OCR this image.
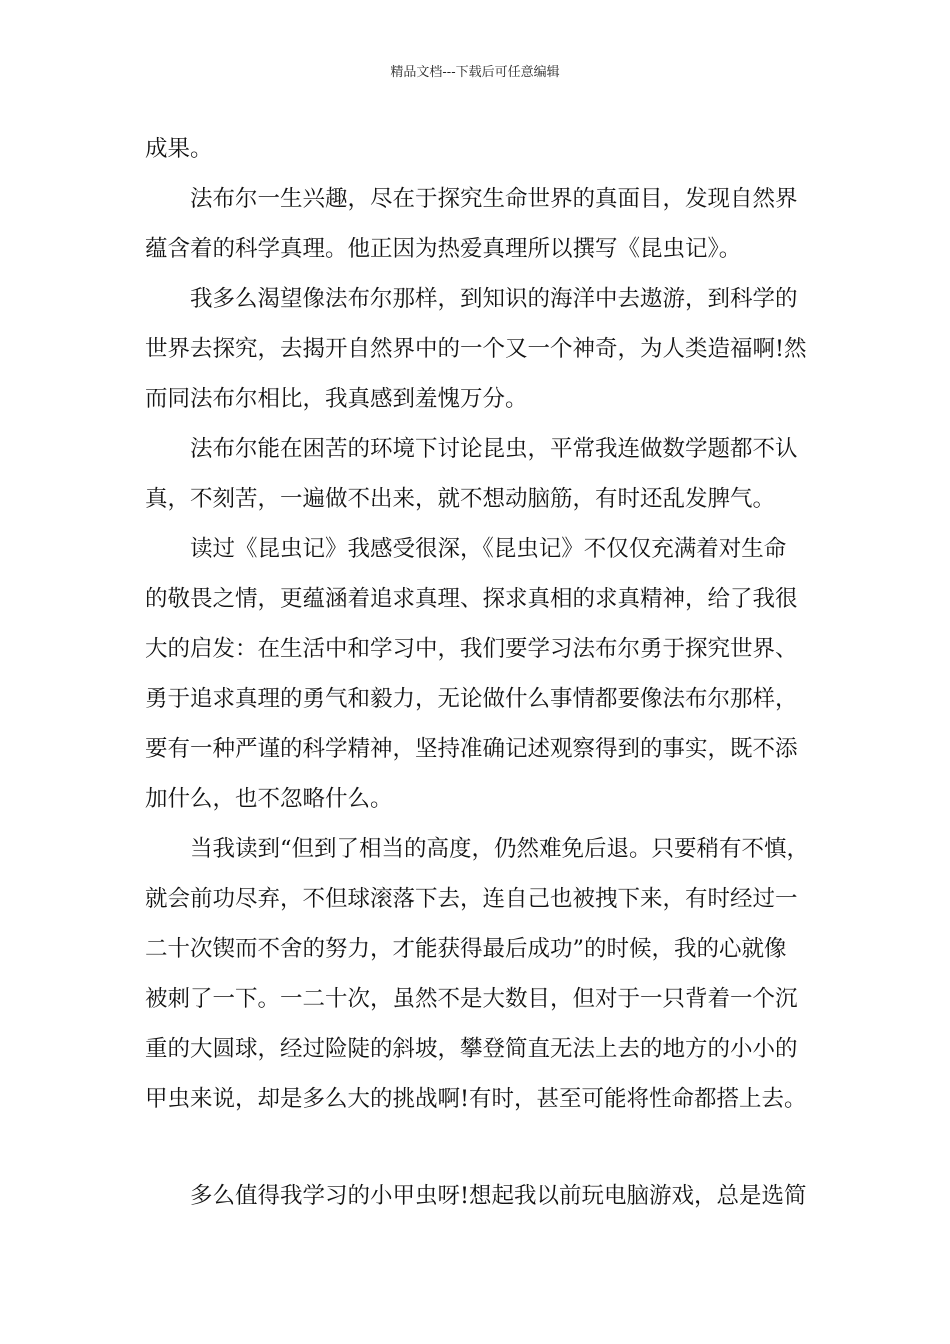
精品文档---下载后可任意编辑
成果。
法布尔一生兴趣，尽在于探究生命世界的真面目，发现自然界
蕴含着的科学真理。他正因为热爱真理所以撰写《昆虫记》。
我多么渴望像法布尔那样，到知识的海洋中去遨游，到科学的
世界去探究，去揭开自然界中的一个又一个神奇，为人类造福啊!然
而同法布尔相比，我真感到羞愧万分。
法布尔能在困苦的环境下讨论昆虫，平常我连做数学题都不认
真，不刻苦，一遍做不出来，就不想动脑筋，有时还乱发脾气。
读过《昆虫记》我感受很深，《昆虫记》不仅仅充满着对生命
的敬畏之情，更蕴涵着追求真理、探求真相的求真精神，给了我很
大的启发：在生活中和学习中，我们要学习法布尔勇于探究世界、
勇于追求真理的勇气和毅力，无论做什么事情都要像法布尔那样，
要有一种严谨的科学精神，坚持准确记述观察得到的事实，既不添
加什么，也不忽略什么。
当我读到“但到了相当的高度，仍然难免后退。只要稍有不慎，
就会前功尽弃，不但球滚落下去，连自己也被拽下来，有时经过一
二十次锲而不舍的努力，才能获得最后成功”的时候，我的心就像
被刺了一下。一二十次，虽然不是大数目，但对于一只背着一个沉
重的大圆球，经过险陡的斜坡，攀登简直无法上去的地方的小小的
甲虫来说，却是多么大的挑战啊!有时，甚至可能将性命都搭上去。
多么值得我学习的小甲虫呀!想起我以前玩电脑游戏，总是选简
